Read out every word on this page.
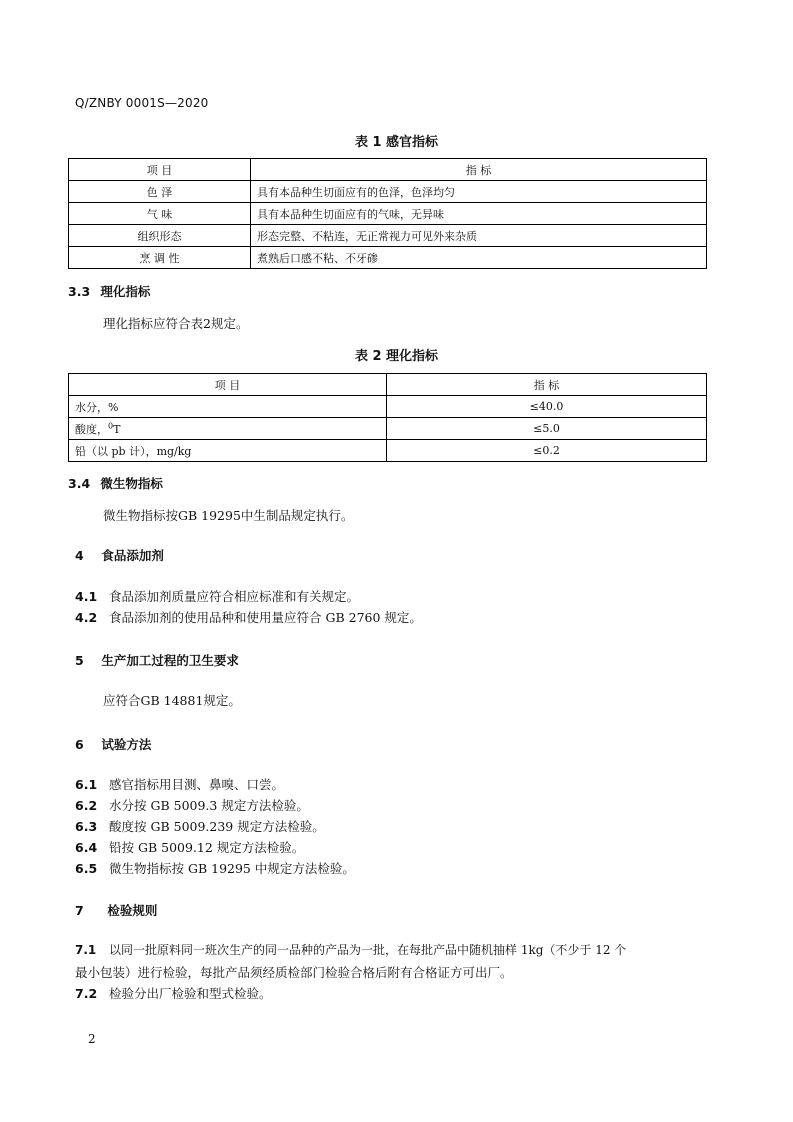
Q/ZNBY 0001S—2020
表 1 感官指标
项 目	指 标
色 泽	具有本品种生切面应有的色泽，色泽均匀
气 味	具有本品种生切面应有的气味，无异味
组织形态	形态完整、不粘连，无正常视力可见外来杂质
烹 调 性	煮熟后口感不粘、不牙碜
3.3 理化指标
理化指标应符合表2规定。
表 2 理化指标
项 目	指 标
水分，%	≤40.0
酸度，$^0$T	≤5.0
铅（以 pb 计），mg/kg	≤0.2
3.4 微生物指标
微生物指标按GB 19295中生制品规定执行。
4 食品添加剂
4.1 食品添加剂质量应符合相应标准和有关规定。
4.2 食品添加剂的使用品种和使用量应符合 GB 2760 规定。
5 生产加工过程的卫生要求
应符合GB 14881规定。
6 试验方法
6.1 感官指标用目测、鼻嗅、口尝。
6.2 水分按 GB 5009.3 规定方法检验。
6.3 酸度按 GB 5009.239 规定方法检验。
6.4 铅按 GB 5009.12 规定方法检验。
6.5 微生物指标按 GB 19295 中规定方法检验。
7 检验规则
7.1 以同一批原料同一班次生产的同一品种的产品为一批，在每批产品中随机抽样 1kg（不少于 12 个
最小包装）进行检验，每批产品须经质检部门检验合格后附有合格证方可出厂。
7.2 检验分出厂检验和型式检验。
2
